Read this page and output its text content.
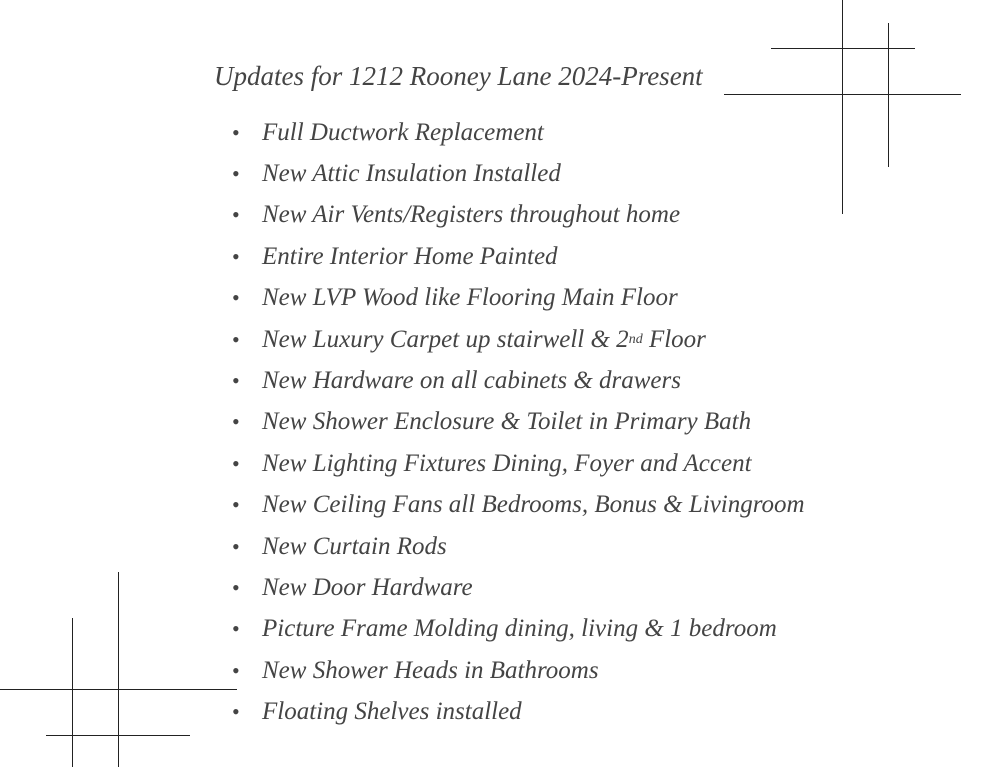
Updates for 1212 Rooney Lane 2024-Present
• Full Ductwork Replacement
• New Attic Insulation Installed
• New Air Vents/Registers throughout home
• Entire Interior Home Painted
• New LVP Wood like Flooring Main Floor
• New Luxury Carpet up stairwell & 2 nd Floor
• New Hardware on all cabinets & drawers
• New Shower Enclosure & Toilet in Primary Bath
• New Lighting Fixtures Dining, Foyer and Accent
• New Ceiling Fans all Bedrooms, Bonus & Livingroom
• New Curtain Rods
• New Door Hardware
• Picture Frame Molding dining, living & 1 bedroom
• New Shower Heads in Bathrooms
• Floating Shelves installed
